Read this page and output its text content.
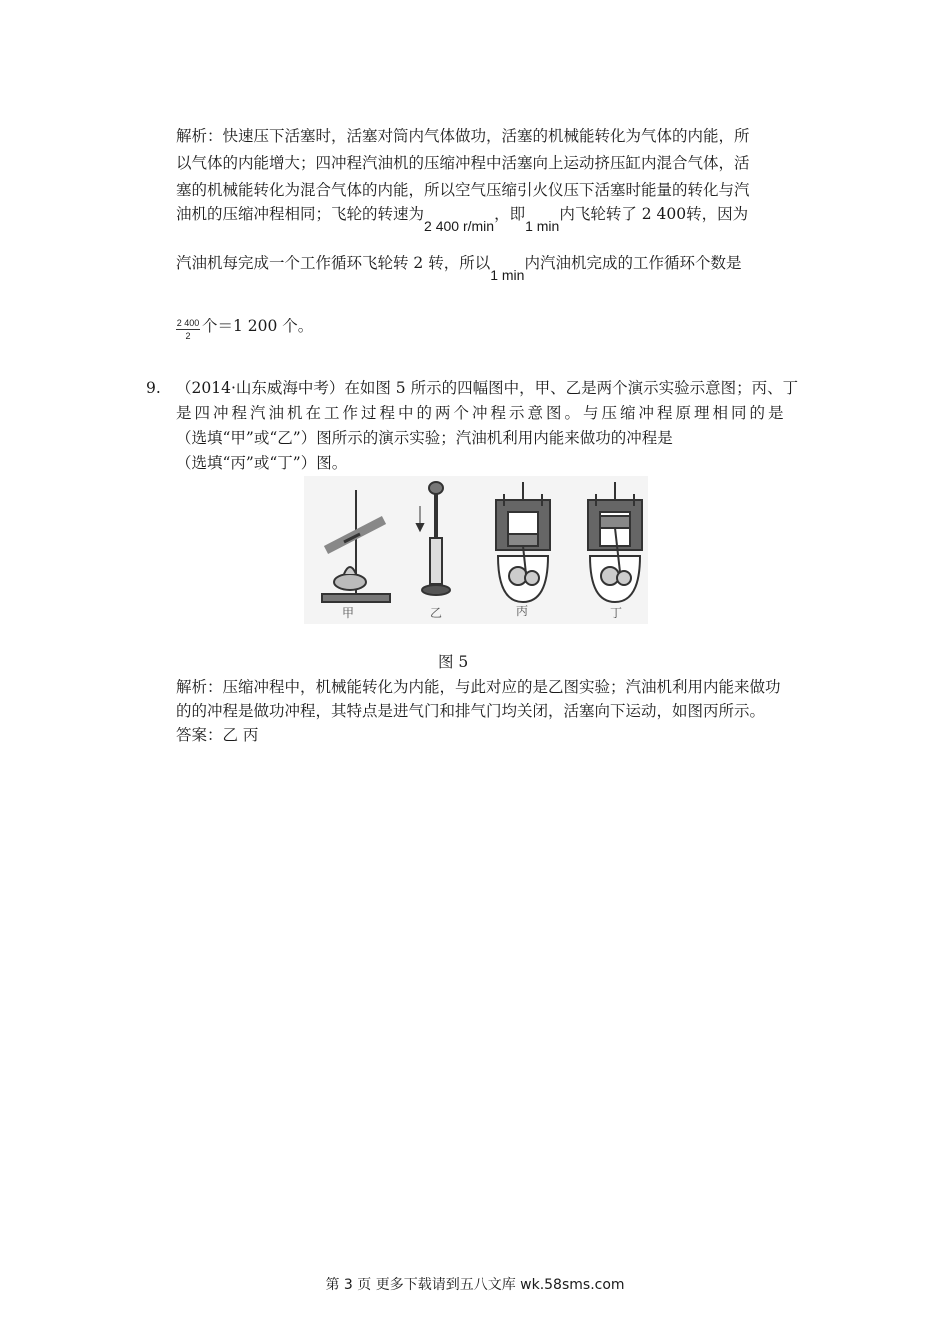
解析：快速压下活塞时，活塞对筒内气体做功，活塞的机械能转化为气体的内能，所
以气体的内能增大；四冲程汽油机的压缩冲程中活塞向上运动挤压缸内混合气体，活
塞的机械能转化为混合气体的内能，所以空气压缩引火仪压下活塞时能量的转化与汽
油机的压缩冲程相同；飞轮的转速为2 400 r/min，即1 min内飞轮转了 2 400转，因为
汽油机每完成一个工作循环飞轮转 2 转，所以1 min内汽油机完成的工作循环个数是
2 400
2
个＝1 200 个。
9. （2014·山东威海中考）在如图 5 所示的四幅图中，甲、乙是两个演示实验示意图；丙、丁
是四冲程汽油机在工作过程中的两个冲程示意图。与压缩冲程原理相同的是
（选填“甲”或“乙”）图所示的演示实验；汽油机利用内能来做功的冲程是
（选填“丙”或“丁”）图。
甲	乙	丙	丁
图 5
解析：压缩冲程中，机械能转化为内能，与此对应的是乙图实验；汽油机利用内能来做功
的的冲程是做功冲程，其特点是进气门和排气门均关闭，活塞向下运动，如图丙所示。
答案：乙 丙
第 3 页 更多下载请到五八文库 wk.58sms.com
